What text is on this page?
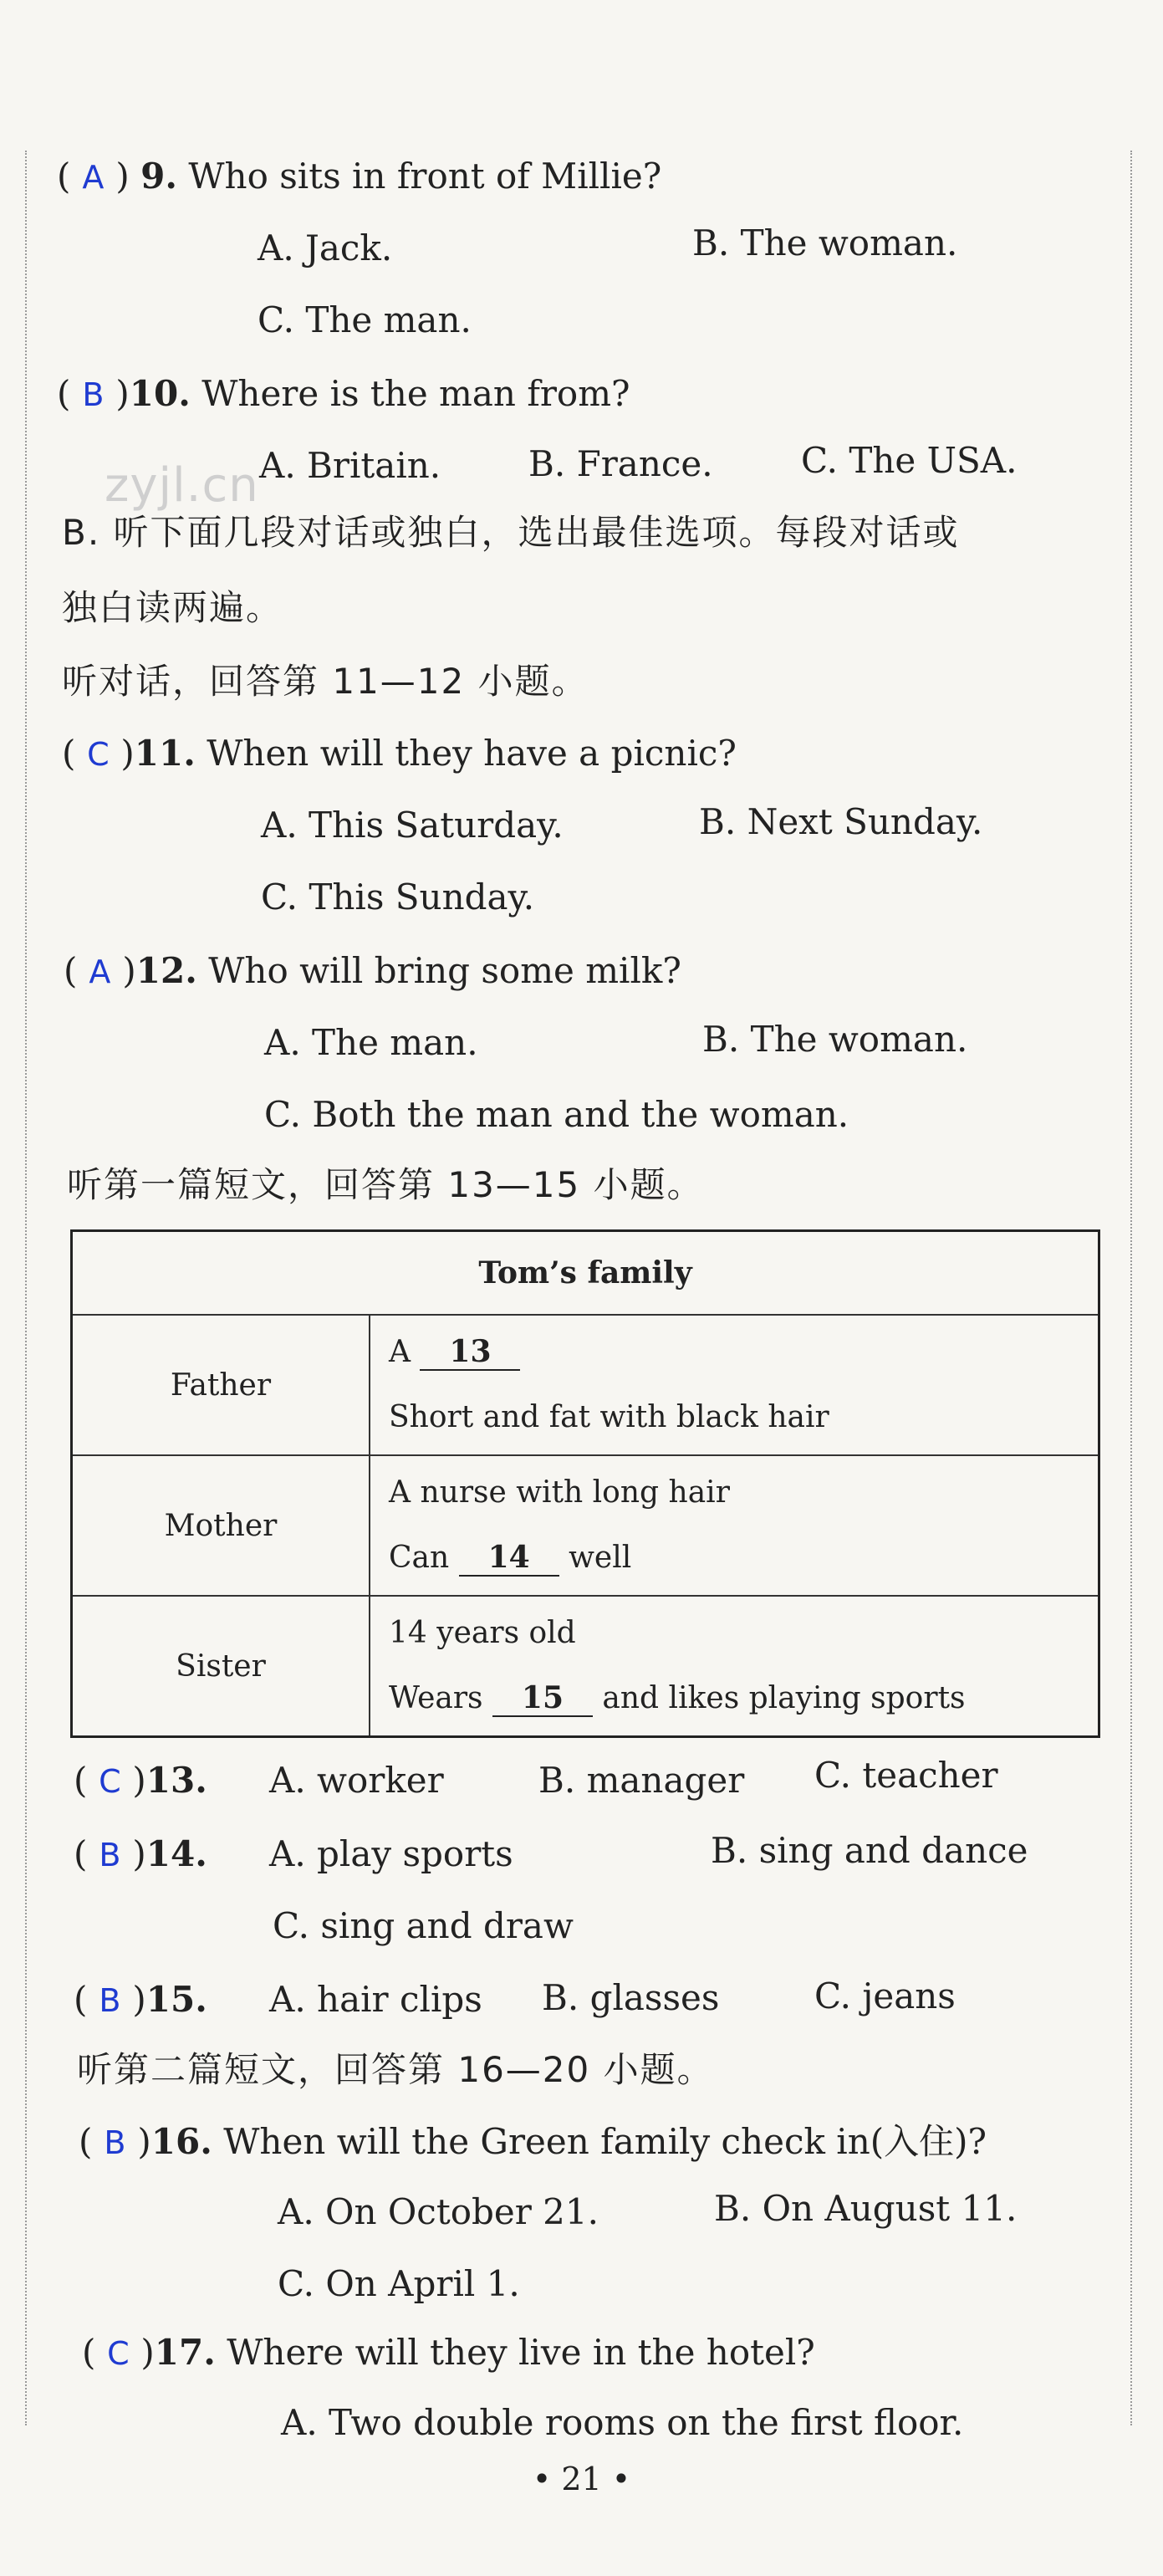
zyjl.cn
( A ) 9. Who sits in front of Millie?
A. Jack.	B. The woman.
C. The man.
( B )10. Where is the man from?
A. Britain. B. France.	C. The USA.
B. 听下面几段对话或独白，选出最佳选项。每段对话或
独白读两遍。
听对话，回答第 11—12 小题。
( C )11. When will they have a picnic?
A. This Saturday.	B. Next Sunday.
C. This Sunday.
( A )12. Who will bring some milk?
A. The man.	B. The woman.
C. Both the man and the woman.
听第一篇短文，回答第 13—15 小题。
Tom’s family	
Father	A 13
Short and fat with black hair

Mother	A nurse with long hair
Can 14 well

Sister	14 years old
Wears 15 and likes playing sports
( C )13. A. worker	B. manager C. teacher
( B )14. A. play sports	B. sing and dance
C. sing and draw
( B )15. A. hair clips B. glasses	C. jeans
听第二篇短文，回答第 16—20 小题。
( B )16. When will the Green family check in(入住)?
A. On October 21.	B. On August 11.
C. On April 1.
( C )17. Where will they live in the hotel?
A. Two double rooms on the first floor.
• 21 •
